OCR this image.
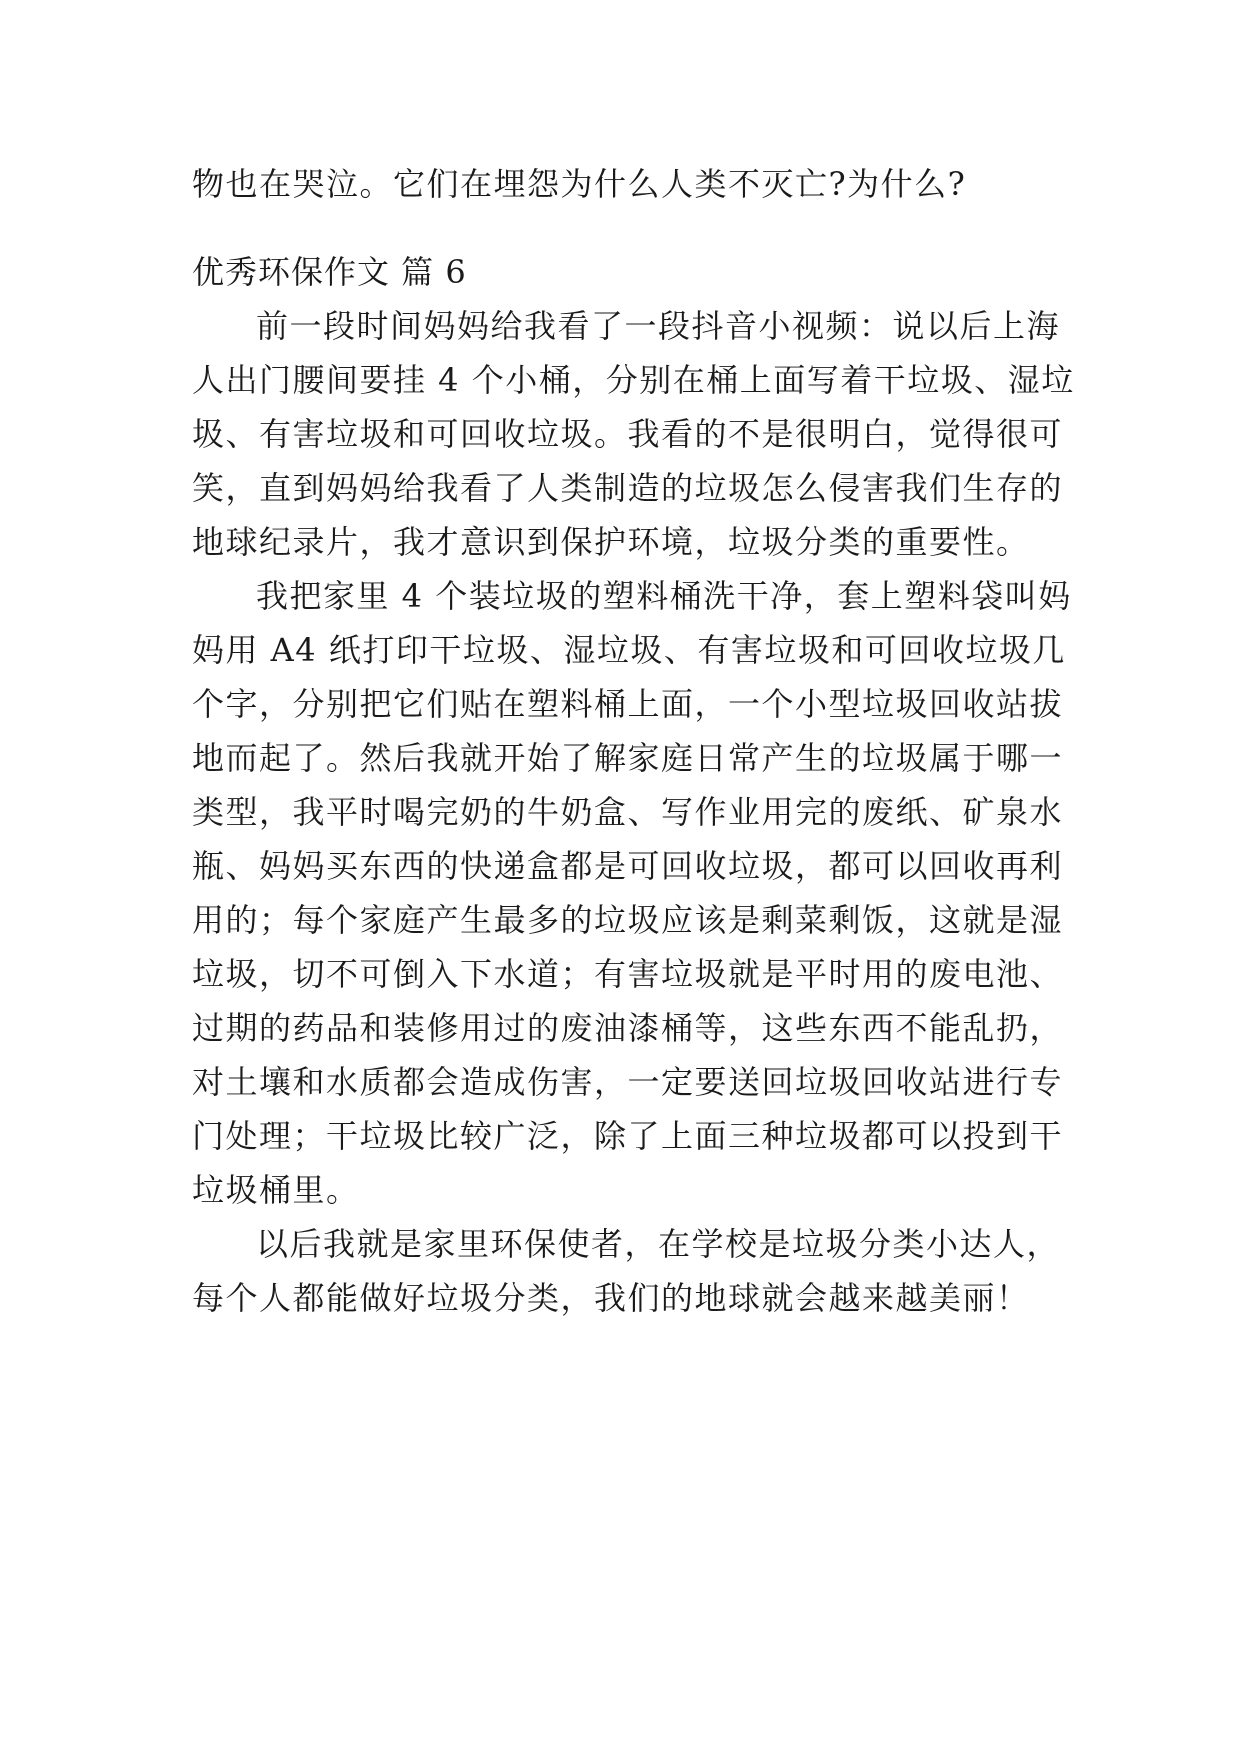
物也在哭泣。它们在埋怨为什么人类不灭亡?为什么?
优秀环保作文 篇 6
前一段时间妈妈给我看了一段抖音小视频：说以后上海
人出门腰间要挂 4 个小桶，分别在桶上面写着干垃圾、湿垃
圾、有害垃圾和可回收垃圾。我看的不是很明白，觉得很可
笑，直到妈妈给我看了人类制造的垃圾怎么侵害我们生存的
地球纪录片，我才意识到保护环境，垃圾分类的重要性。
我把家里 4 个装垃圾的塑料桶洗干净，套上塑料袋叫妈
妈用 A4 纸打印干垃圾、湿垃圾、有害垃圾和可回收垃圾几
个字，分别把它们贴在塑料桶上面，一个小型垃圾回收站拔
地而起了。然后我就开始了解家庭日常产生的垃圾属于哪一
类型，我平时喝完奶的牛奶盒、写作业用完的废纸、矿泉水
瓶、妈妈买东西的快递盒都是可回收垃圾，都可以回收再利
用的；每个家庭产生最多的垃圾应该是剩菜剩饭，这就是湿
垃圾，切不可倒入下水道；有害垃圾就是平时用的废电池、
过期的药品和装修用过的废油漆桶等，这些东西不能乱扔，
对土壤和水质都会造成伤害，一定要送回垃圾回收站进行专
门处理；干垃圾比较广泛，除了上面三种垃圾都可以投到干
垃圾桶里。
以后我就是家里环保使者，在学校是垃圾分类小达人，
每个人都能做好垃圾分类，我们的地球就会越来越美丽！
